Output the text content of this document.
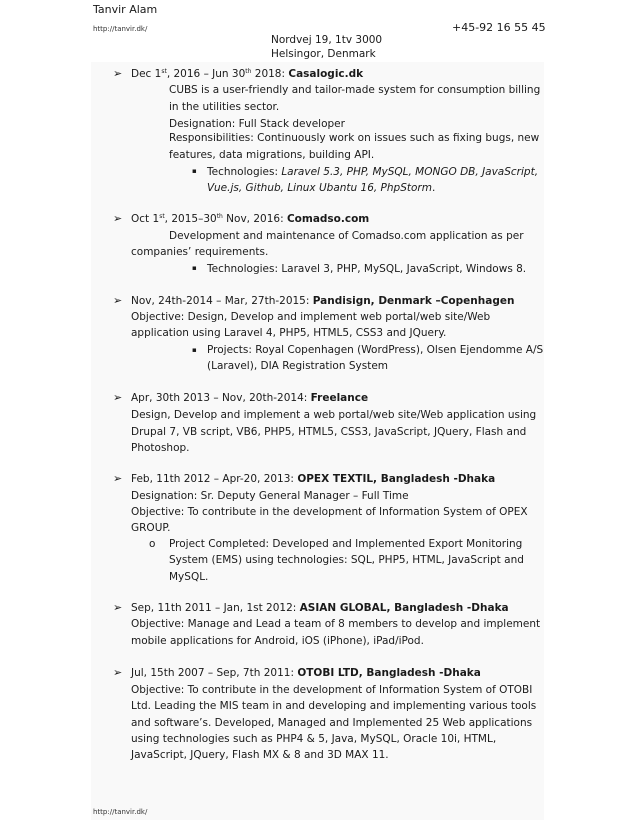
Tanvir Alam
http://tanvir.dk/	+45-92 16 55 45
Nordvej 19, 1tv 3000
Helsingor, Denmark
➢ Dec 1st, 2016 – Jun 30th 2018: Casalogic.dk
CUBS is a user-friendly and tailor-made system for consumption billing
in the utilities sector.
Designation: Full Stack developer
Responsibilities: Continuously work on issues such as fixing bugs, new
features, data migrations, building API.
▪ Technologies: Laravel 5.3, PHP, MySQL, MONGO DB, JavaScript,
Vue.js, Github, Linux Ubantu 16, PhpStorm.
➢ Oct 1st, 2015–30th Nov, 2016: Comadso.com
Development and maintenance of Comadso.com application as per
companies’ requirements.
▪ Technologies: Laravel 3, PHP, MySQL, JavaScript, Windows 8.
➢ Nov, 24th-2014 – Mar, 27th-2015: Pandisign, Denmark –Copenhagen
Objective: Design, Develop and implement web portal/web site/Web
application using Laravel 4, PHP5, HTML5, CSS3 and JQuery.
▪ Projects: Royal Copenhagen (WordPress), Olsen Ejendomme A/S
(Laravel), DIA Registration System
➢ Apr, 30th 2013 – Nov, 20th-2014: Freelance
Design, Develop and implement a web portal/web site/Web application using
Drupal 7, VB script, VB6, PHP5, HTML5, CSS3, JavaScript, JQuery, Flash and
Photoshop.
➢ Feb, 11th 2012 – Apr-20, 2013: OPEX TEXTIL, Bangladesh -Dhaka
Designation: Sr. Deputy General Manager – Full Time
Objective: To contribute in the development of Information System of OPEX
GROUP.
o Project Completed: Developed and Implemented Export Monitoring
System (EMS) using technologies: SQL, PHP5, HTML, JavaScript and
MySQL.
➢ Sep, 11th 2011 – Jan, 1st 2012: ASIAN GLOBAL, Bangladesh -Dhaka
Objective: Manage and Lead a team of 8 members to develop and implement
mobile applications for Android, iOS (iPhone), iPad/iPod.
➢ Jul, 15th 2007 – Sep, 7th 2011: OTOBI LTD, Bangladesh -Dhaka
Objective: To contribute in the development of Information System of OTOBI
Ltd. Leading the MIS team in and developing and implementing various tools
and software’s. Developed, Managed and Implemented 25 Web applications
using technologies such as PHP4 & 5, Java, MySQL, Oracle 10i, HTML,
JavaScript, JQuery, Flash MX & 8 and 3D MAX 11.
http://tanvir.dk/
